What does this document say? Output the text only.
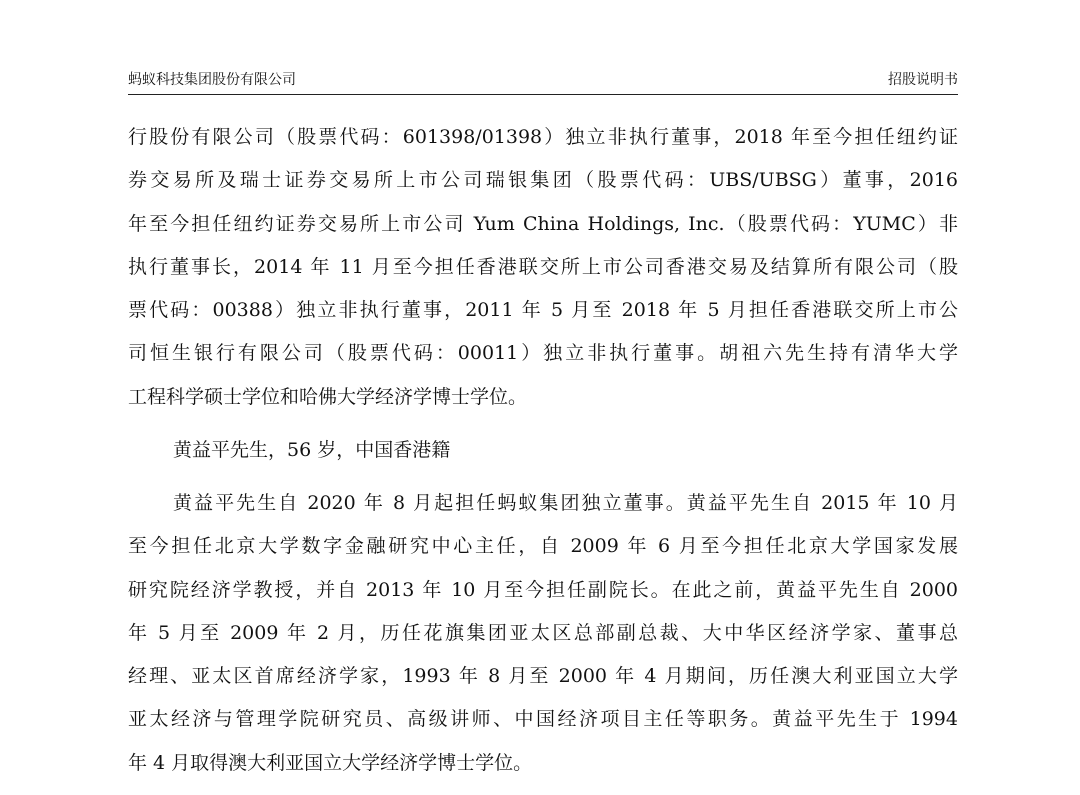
蚂蚁科技集团股份有限公司	招股说明书
行股份有限公司（股票代码：601398/01398）独立非执行董事，2018 年至今担任纽约证
券交易所及瑞士证券交易所上市公司瑞银集团（股票代码：UBS/UBSG）董事，2016
年至今担任纽约证券交易所上市公司 Yum China Holdings, Inc.（股票代码：YUMC）非
执行董事长，2014 年 11 月至今担任香港联交所上市公司香港交易及结算所有限公司（股
票代码：00388）独立非执行董事，2011 年 5 月至 2018 年 5 月担任香港联交所上市公
司恒生银行有限公司（股票代码：00011）独立非执行董事。胡祖六先生持有清华大学
工程科学硕士学位和哈佛大学经济学博士学位。
黄益平先生，56 岁，中国香港籍
黄益平先生自 2020 年 8 月起担任蚂蚁集团独立董事。黄益平先生自 2015 年 10 月
至今担任北京大学数字金融研究中心主任，自 2009 年 6 月至今担任北京大学国家发展
研究院经济学教授，并自 2013 年 10 月至今担任副院长。在此之前，黄益平先生自 2000
年 5 月至 2009 年 2 月，历任花旗集团亚太区总部副总裁、大中华区经济学家、董事总
经理、亚太区首席经济学家，1993 年 8 月至 2000 年 4 月期间，历任澳大利亚国立大学
亚太经济与管理学院研究员、高级讲师、中国经济项目主任等职务。黄益平先生于 1994
年 4 月取得澳大利亚国立大学经济学博士学位。
